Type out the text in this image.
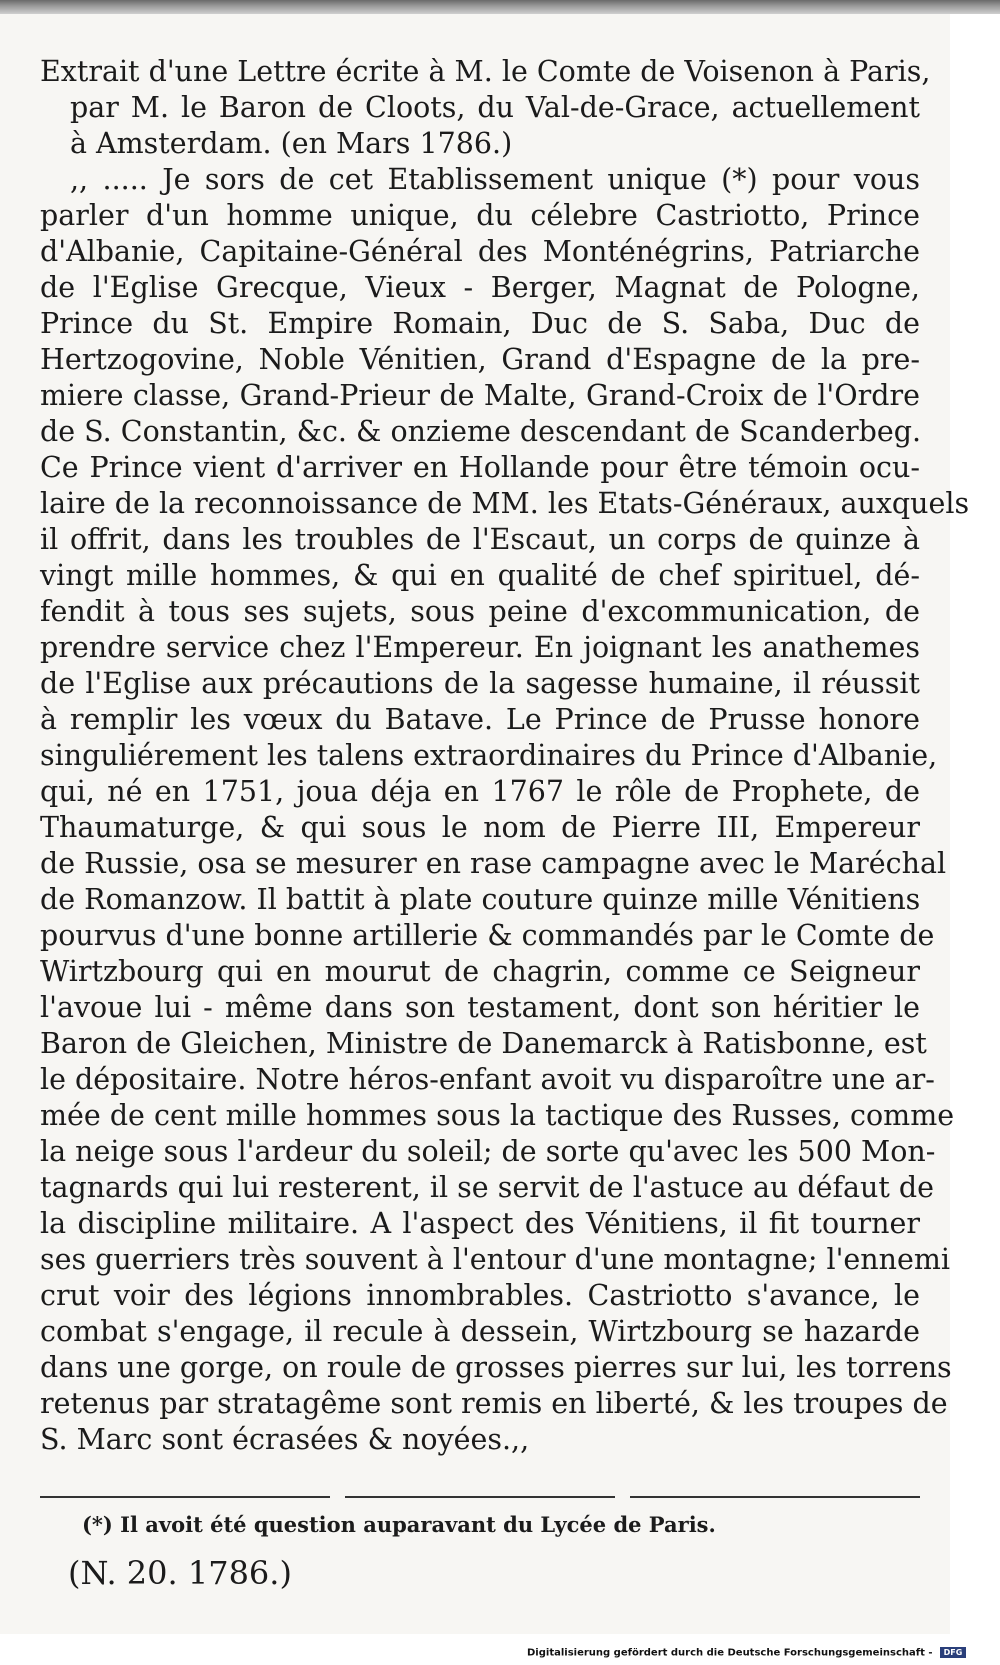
Extrait d'une Lettre écrite à M. le Comte de Voisenon à Paris,
par M. le Baron de Cloots, du Val-de-Grace, actuellement
à Amsterdam. (en Mars 1786.)
,, ..... Je sors de cet Etablissement unique (*) pour vous
parler d'un homme unique, du célebre Castriotto, Prince
d'Albanie, Capitaine-Général des Monténégrins, Patriarche
de l'Eglise Grecque, Vieux - Berger, Magnat de Pologne,
Prince du St. Empire Romain, Duc de S. Saba, Duc de
Hertzogovine, Noble Vénitien, Grand d'Espagne de la pre-
miere classe, Grand-Prieur de Malte, Grand-Croix de l'Ordre
de S. Constantin, &c. & onzieme descendant de Scanderbeg.
Ce Prince vient d'arriver en Hollande pour être témoin ocu-
laire de la reconnoissance de MM. les Etats-Généraux, auxquels
il offrit, dans les troubles de l'Escaut, un corps de quinze à
vingt mille hommes, & qui en qualité de chef spirituel, dé-
fendit à tous ses sujets, sous peine d'excommunication, de
prendre service chez l'Empereur. En joignant les anathemes
de l'Eglise aux précautions de la sagesse humaine, il réussit
à remplir les vœux du Batave. Le Prince de Prusse honore
singuliérement les talens extraordinaires du Prince d'Albanie,
qui, né en 1751, joua déja en 1767 le rôle de Prophete, de
Thaumaturge, & qui sous le nom de Pierre III, Empereur
de Russie, osa se mesurer en rase campagne avec le Maréchal
de Romanzow. Il battit à plate couture quinze mille Vénitiens
pourvus d'une bonne artillerie & commandés par le Comte de
Wirtzbourg qui en mourut de chagrin, comme ce Seigneur
l'avoue lui - même dans son testament, dont son héritier le
Baron de Gleichen, Ministre de Danemarck à Ratisbonne, est
le dépositaire. Notre héros-enfant avoit vu disparoître une ar-
mée de cent mille hommes sous la tactique des Russes, comme
la neige sous l'ardeur du soleil; de sorte qu'avec les 500 Mon-
tagnards qui lui resterent, il se servit de l'astuce au défaut de
la discipline militaire. A l'aspect des Vénitiens, il fit tourner
ses guerriers très souvent à l'entour d'une montagne; l'ennemi
crut voir des légions innombrables. Castriotto s'avance, le
combat s'engage, il recule à dessein, Wirtzbourg se hazarde
dans une gorge, on roule de grosses pierres sur lui, les torrens
retenus par stratagême sont remis en liberté, & les troupes de
S. Marc sont écrasées & noyées.,,
(*) Il avoit été question auparavant du Lycée de Paris.
(N. 20. 1786.)
Digitalisierung gefördert durch die Deutsche Forschungsgemeinschaft - DFG
